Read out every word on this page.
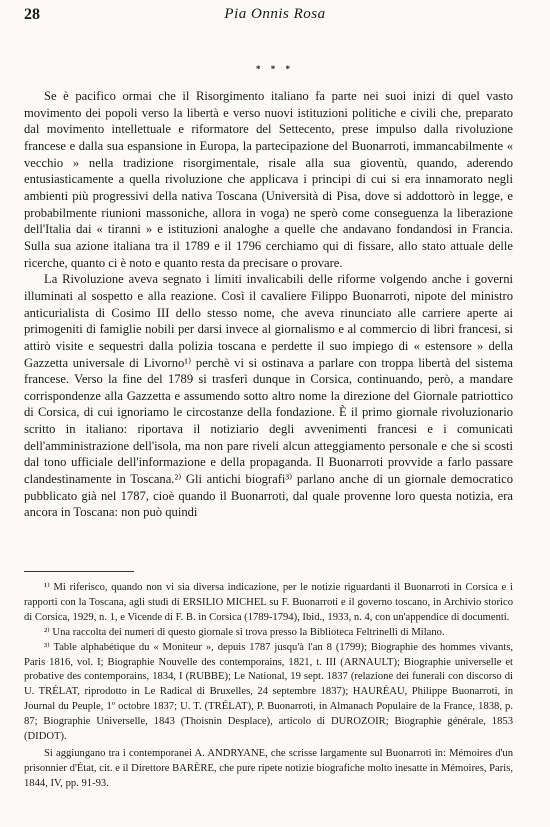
28	Pia Onnis Rosa
* * *

Se è pacifico ormai che il Risorgimento italiano fa parte nei suoi inizi di quel vasto movimento dei popoli verso la libertà e verso nuovi istituzioni politiche e civili che, preparato dal movimento intellettuale e riformatore del Settecento, prese impulso dalla rivoluzione francese e dalla sua espansione in Europa, la partecipazione del Buonarroti, immancabilmente « vecchio » nella tradizione risorgimentale, risale alla sua gioventù, quando, aderendo entusiasticamente a quella rivoluzione che applicava i principi di cui si era innamorato negli ambienti più progressivi della nativa Toscana (Università di Pisa, dove si addottorò in legge, e probabilmente riunioni massoniche, allora in voga) ne sperò come conseguenza la liberazione dell'Italia dai « tiranni » e istituzioni analoghe a quelle che andavano fondandosi in Francia. Sulla sua azione italiana tra il 1789 e il 1796 cerchiamo qui di fissare, allo stato attuale delle ricerche, quanto ci è noto e quanto resta da precisare o provare.

La Rivoluzione aveva segnato i limiti invalicabili delle riforme volgendo anche i governi illuminati al sospetto e alla reazione. Così il cavaliere Filippo Buonarroti, nipote del ministro anticurialista di Cosimo III dello stesso nome, che aveva rinunciato alle carriere aperte ai primogeniti di famiglie nobili per darsi invece al giornalismo e al commercio di libri francesi, si attirò visite e sequestri dalla polizia toscana e perdette il suo impiego di « estensore » della Gazzetta universale di Livorno¹⁾ perchè vi si ostinava a parlare con troppa libertà del sistema francese. Verso la fine del 1789 si trasferì dunque in Corsica, continuando, però, a mandare corrispondenze alla Gazzetta e assumendo sotto altro nome la direzione del Giornale patriottico di Corsica, di cui ignoriamo le circostanze della fondazione. È il primo giornale rivoluzionario scritto in italiano: riportava il notiziario degli avvenimenti francesi e i comunicati dell'amministrazione dell'isola, ma non pare riveli alcun atteggiamento personale e che si scosti dal tono ufficiale dell'informazione e della propaganda. Il Buonarroti provvide a farlo passare clandestinamente in Toscana.²⁾ Gli antichi biografi³⁾ parlano anche di un giornale democratico pubblicato già nel 1787, cioè quando il Buonarroti, dal quale provenne loro questa notizia, era ancora in Toscana: non può quindi

¹⁾ Mi riferisco, quando non vi sia diversa indicazione, per le notizie riguardanti il Buonarroti in Corsica e i rapporti con la Toscana, agli studi di ERSILIO MICHEL su F. Buonarroti e il governo toscano, in Archivio storico di Corsica, 1929, n. 1, e Vicende di F. B. in Corsica (1789-1794), Ibid., 1933, n. 4, con un'appendice di documenti.

²⁾ Una raccolta dei numeri di questo giornale si trova presso la Biblioteca Feltrinelli di Milano.

³⁾ Table alphabétique du « Moniteur », depuis 1787 jusqu'à l'an 8 (1799); Biographie des hommes vivants, Paris 1816, vol. I; Biographie Nouvelle des contemporains, 1821, t. III (ARNAULT); Biographie universelle et probative des contemporains, 1834, I (RUBBE); Le National, 19 sept. 1837 (relazione dei funerali con discorso di U. TRÉLAT, riprodotto in Le Radical di Bruxelles, 24 septembre 1837); HAURÉAU, Philippe Buonarroti, in Journal du Peuple, 1º octobre 1837; U. T. (TRÉLAT), P. Buonarroti, in Almanach Populaire de la France, 1838, p. 87; Biographie Universelle, 1843 (Thoisnin Desplace), articolo di DUROZOIR; Biographie générale, 1853 (DIDOT).

Si aggiungano tra i contemporanei A. ANDRYANE, che scrisse largamente sul Buonarroti in: Mémoires d'un prisonnier d'État, cit. e il Direttore BARÈRE, che pure ripete notizie biografiche molto inesatte in Mémoires, Paris, 1844, IV, pp. 91-93.
